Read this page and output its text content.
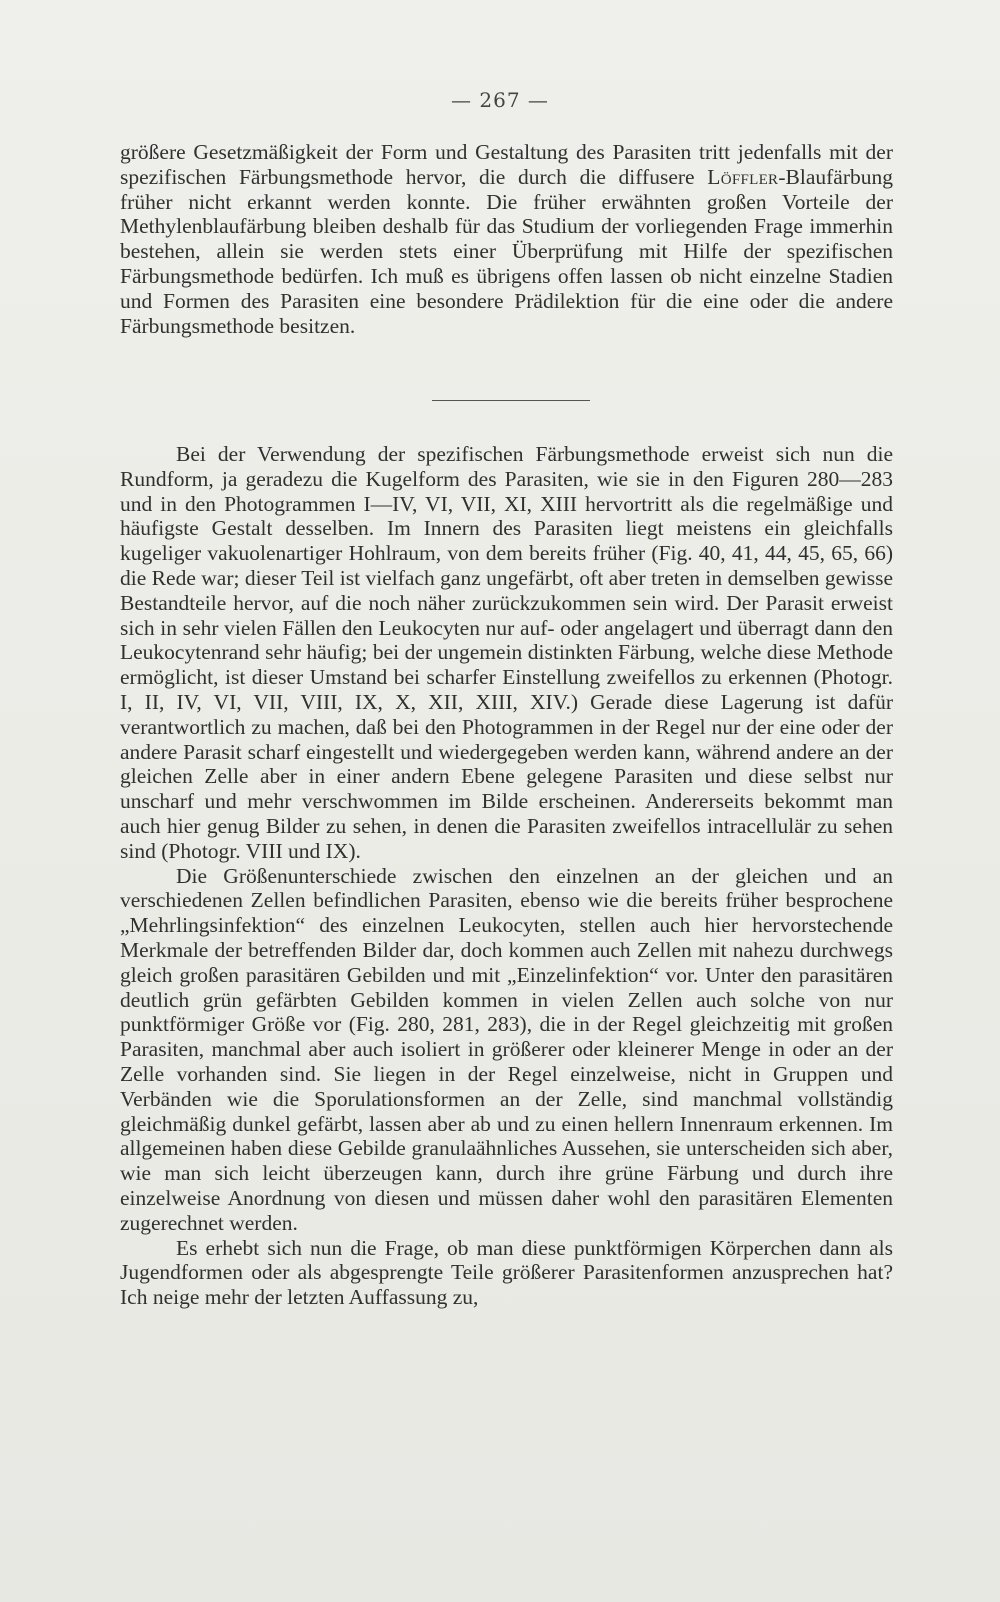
— 267 —

größere Gesetzmäßigkeit der Form und Gestaltung des Parasiten tritt jedenfalls mit der spezifischen Färbungsmethode hervor, die durch die diffusere Löffler-Blaufärbung früher nicht erkannt werden konnte. Die früher erwähnten großen Vorteile der Methylenblaufärbung bleiben deshalb für das Studium der vorliegenden Frage immerhin bestehen, allein sie werden stets einer Überprüfung mit Hilfe der spezifischen Färbungsmethode bedürfen. Ich muß es übrigens offen lassen ob nicht einzelne Stadien und Formen des Parasiten eine besondere Prädilektion für die eine oder die andere Färbungsmethode besitzen.

Bei der Verwendung der spezifischen Färbungsmethode erweist sich nun die Rundform, ja geradezu die Kugelform des Parasiten, wie sie in den Figuren 280—283 und in den Photogrammen I—IV, VI, VII, XI, XIII hervortritt als die regelmäßige und häufigste Gestalt desselben. Im Innern des Parasiten liegt meistens ein gleichfalls kugeliger vakuolenartiger Hohlraum, von dem bereits früher (Fig. 40, 41, 44, 45, 65, 66) die Rede war; dieser Teil ist vielfach ganz ungefärbt, oft aber treten in demselben gewisse Bestandteile hervor, auf die noch näher zurückzukommen sein wird. Der Parasit erweist sich in sehr vielen Fällen den Leukocyten nur auf- oder angelagert und überragt dann den Leukocytenrand sehr häufig; bei der ungemein distinkten Färbung, welche diese Methode ermöglicht, ist dieser Umstand bei scharfer Einstellung zweifellos zu erkennen (Photogr. I, II, IV, VI, VII, VIII, IX, X, XII, XIII, XIV.) Gerade diese Lagerung ist dafür verantwortlich zu machen, daß bei den Photogrammen in der Regel nur der eine oder der andere Parasit scharf eingestellt und wiedergegeben werden kann, während andere an der gleichen Zelle aber in einer andern Ebene gelegene Parasiten und diese selbst nur unscharf und mehr verschwommen im Bilde erscheinen. Andererseits bekommt man auch hier genug Bilder zu sehen, in denen die Parasiten zweifellos intracellulär zu sehen sind (Photogr. VIII und IX).

Die Größenunterschiede zwischen den einzelnen an der gleichen und an verschiedenen Zellen befindlichen Parasiten, ebenso wie die bereits früher besprochene „Mehrlingsinfektion“ des einzelnen Leukocyten, stellen auch hier hervorstechende Merkmale der betreffenden Bilder dar, doch kommen auch Zellen mit nahezu durchwegs gleich großen parasitären Gebilden und mit „Einzelinfektion“ vor. Unter den parasitären deutlich grün gefärbten Gebilden kommen in vielen Zellen auch solche von nur punktförmiger Größe vor (Fig. 280, 281, 283), die in der Regel gleichzeitig mit großen Parasiten, manchmal aber auch isoliert in größerer oder kleinerer Menge in oder an der Zelle vorhanden sind. Sie liegen in der Regel einzelweise, nicht in Gruppen und Verbänden wie die Sporulationsformen an der Zelle, sind manchmal vollständig gleichmäßig dunkel gefärbt, lassen aber ab und zu einen hellern Innenraum erkennen. Im allgemeinen haben diese Gebilde granulaähnliches Aussehen, sie unterscheiden sich aber, wie man sich leicht überzeugen kann, durch ihre grüne Färbung und durch ihre einzelweise Anordnung von diesen und müssen daher wohl den parasitären Elementen zugerechnet werden.

Es erhebt sich nun die Frage, ob man diese punktförmigen Körperchen dann als Jugendformen oder als abgesprengte Teile größerer Parasitenformen anzusprechen hat? Ich neige mehr der letzten Auffassung zu,
